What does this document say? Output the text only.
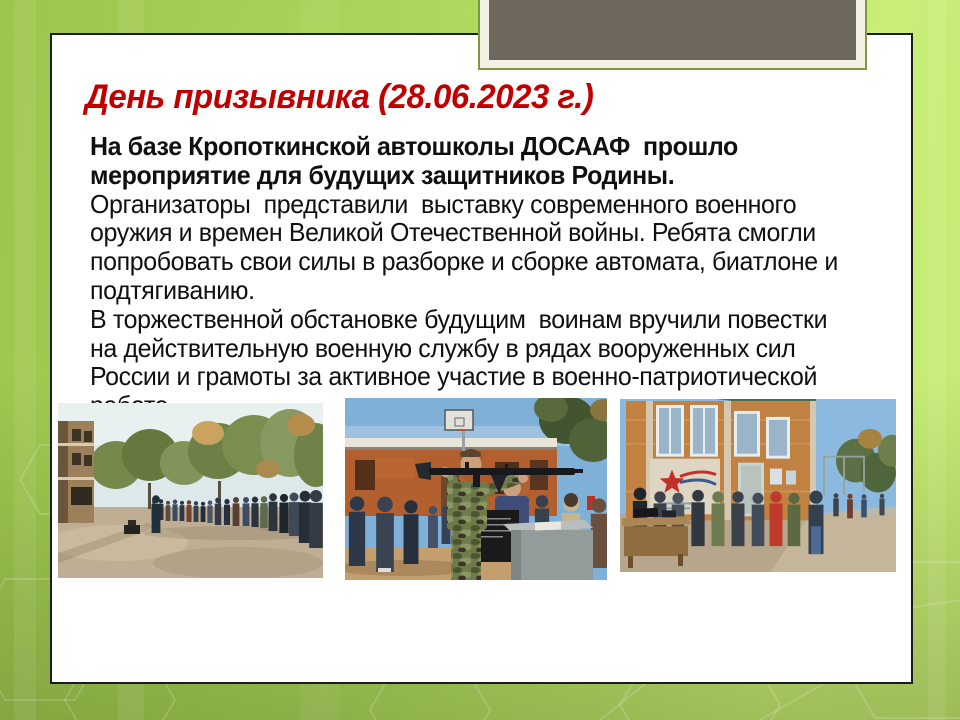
День призывника (28.06.2023 г.)
На базе Кропоткинской автошколы ДОСААФ  прошло
мероприятие для будущих защитников Родины.
Организаторы  представили  выставку современного военного
оружия и времен Великой Отечественной войны. Ребята смогли
попробовать свои силы в разборке и сборке автомата, биатлоне и
подтягиванию.
В торжественной обстановке будущим  воинам вручили повестки
на действительную военную службу в рядах вооруженных сил
России и грамоты за активное участие в военно-патриотической
